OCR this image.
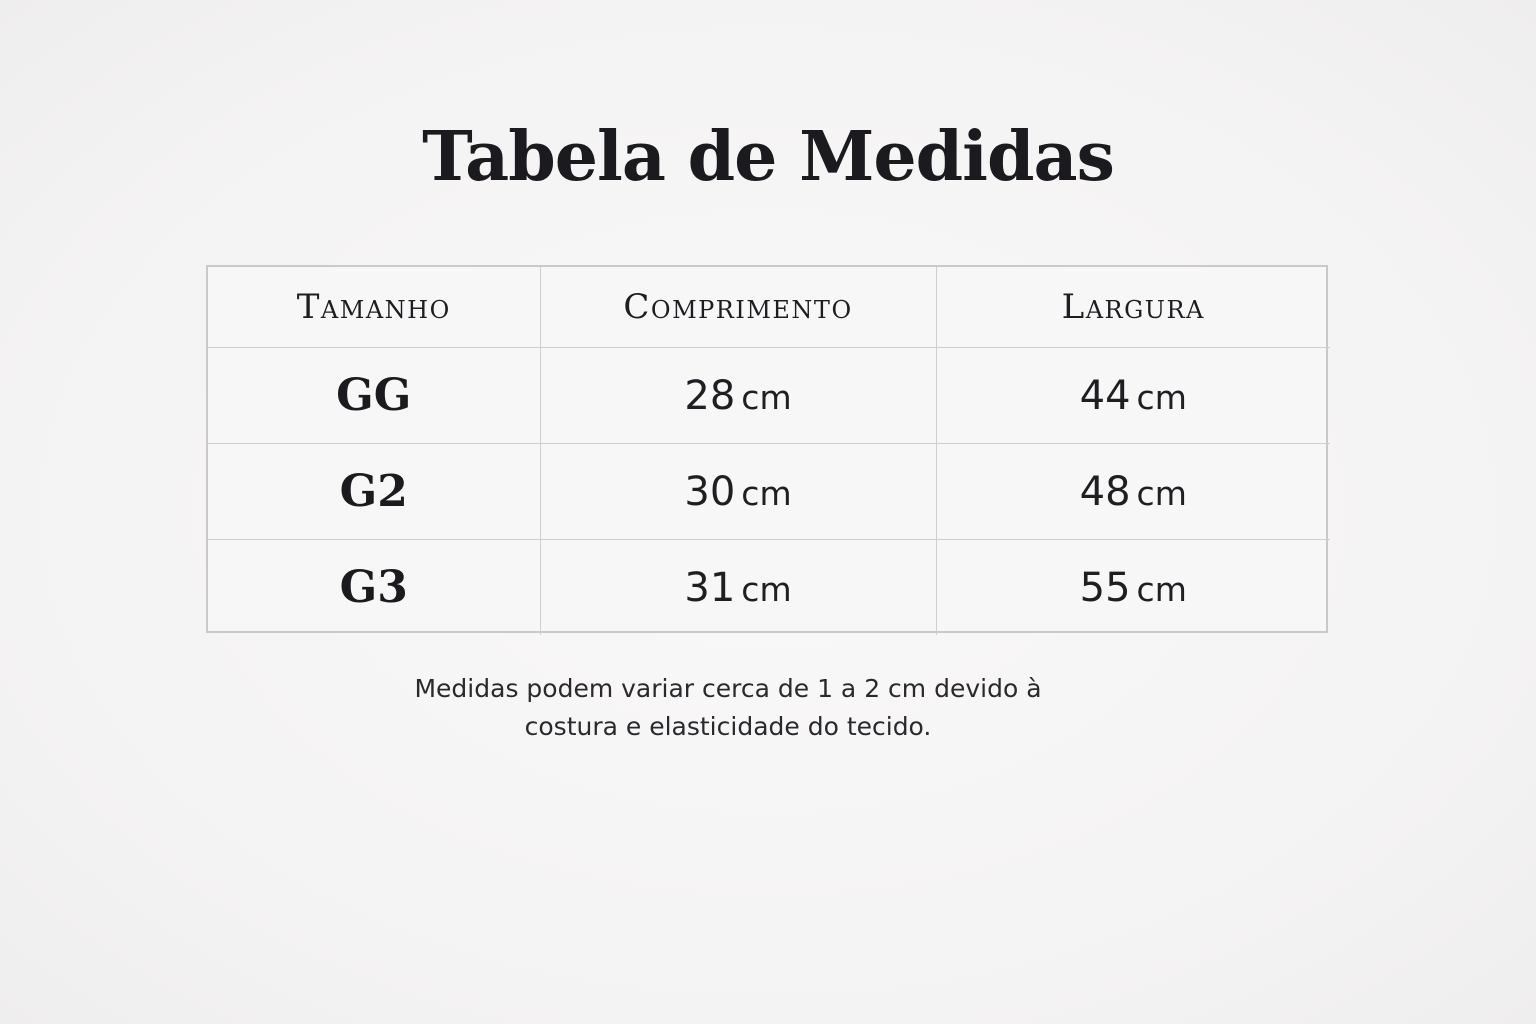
Tabela de Medidas
Tamanho	Comprimento	Largura
GG	28 cm	44 cm
G2	30 cm	48 cm
G3	31 cm	55 cm
Medidas podem variar cerca de 1 a 2 cm devido à
costura e elasticidade do tecido.
